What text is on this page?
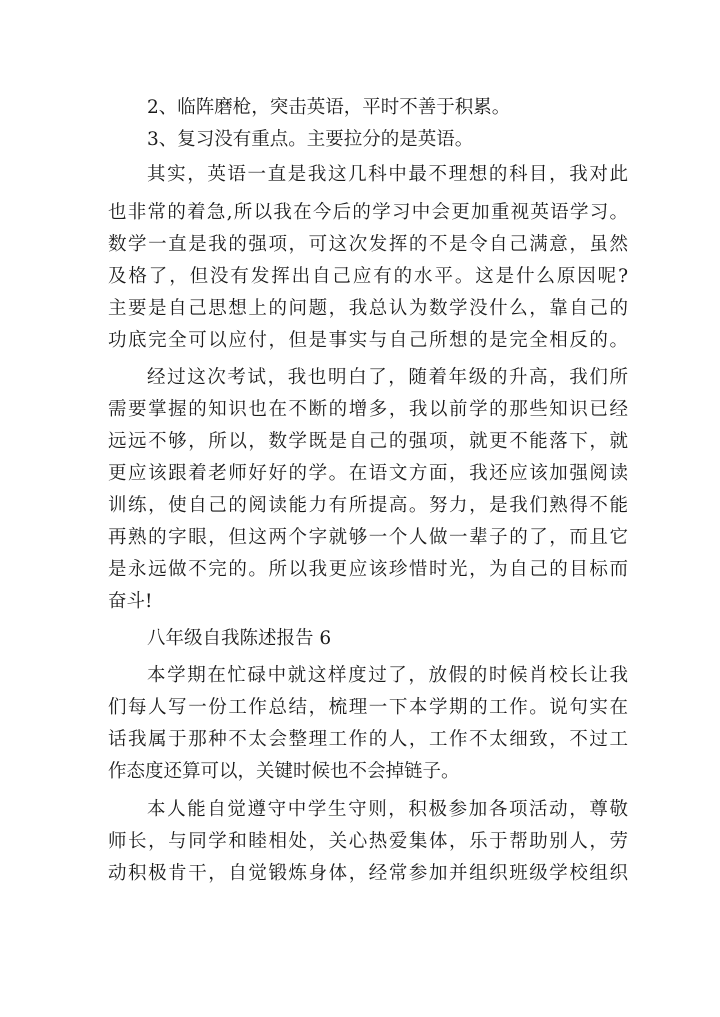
2、临阵磨枪，突击英语，平时不善于积累。
3、复习没有重点。主要拉分的是英语。
其实，英语一直是我这几科中最不理想的科目，我对此
也非常的着急,所以我在今后的学习中会更加重视英语学习。
数学一直是我的强项，可这次发挥的不是令自己满意，虽然
及格了，但没有发挥出自己应有的水平。这是什么原因呢?
主要是自己思想上的问题，我总认为数学没什么，靠自己的
功底完全可以应付，但是事实与自己所想的是完全相反的。
经过这次考试，我也明白了，随着年级的升高，我们所
需要掌握的知识也在不断的增多，我以前学的那些知识已经
远远不够，所以，数学既是自己的强项，就更不能落下，就
更应该跟着老师好好的学。在语文方面，我还应该加强阅读
训练，使自己的阅读能力有所提高。努力，是我们熟得不能
再熟的字眼，但这两个字就够一个人做一辈子的了，而且它
是永远做不完的。所以我更应该珍惜时光，为自己的目标而
奋斗!
八年级自我陈述报告 6
本学期在忙碌中就这样度过了，放假的时候肖校长让我
们每人写一份工作总结，梳理一下本学期的工作。说句实在
话我属于那种不太会整理工作的人，工作不太细致，不过工
作态度还算可以，关键时候也不会掉链子。
本人能自觉遵守中学生守则，积极参加各项活动，尊敬
师长，与同学和睦相处，关心热爱集体，乐于帮助别人，劳
动积极肯干，自觉锻炼身体，经常参加并组织班级学校组织
